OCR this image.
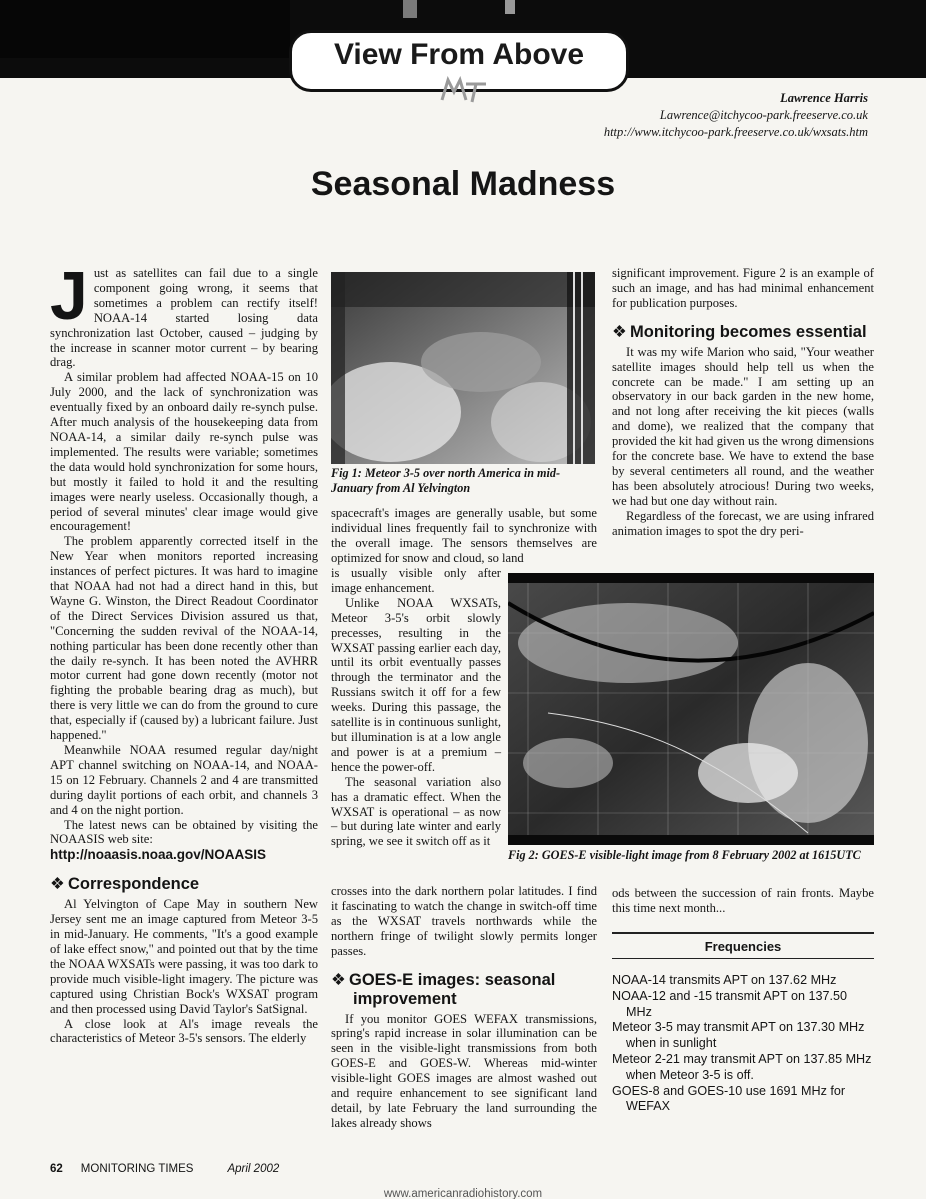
View From Above
Lawrence Harris
Lawrence@itchycoo-park.freeserve.co.uk
http://www.itchycoo-park.freeserve.co.uk/wxsats.htm
Seasonal Madness

Just as satellites can fail due to a single component going wrong, it seems that sometimes a problem can rectify itself! NOAA-14 started losing data synchronization last October, caused – judging by the increase in scanner motor current – by bearing drag.

A similar problem had affected NOAA-15 on 10 July 2000, and the lack of synchronization was eventually fixed by an onboard daily re-synch pulse. After much analysis of the housekeeping data from NOAA-14, a similar daily re-synch pulse was implemented. The results were variable; sometimes the data would hold synchronization for some hours, but mostly it failed to hold it and the resulting images were nearly useless. Occasionally though, a period of several minutes' clear image would give encouragement!

The problem apparently corrected itself in the New Year when monitors reported increasing instances of perfect pictures. It was hard to imagine that NOAA had not had a direct hand in this, but Wayne G. Winston, the Direct Readout Coordinator of the Direct Services Division assured us that, "Concerning the sudden revival of the NOAA-14, nothing particular has been done recently other than the daily re-synch. It has been noted the AVHRR motor current had gone down recently (motor not fighting the probable bearing drag as much), but there is very little we can do from the ground to cure that, especially if (caused by) a lubricant failure. Just happened."

Meanwhile NOAA resumed regular day/night APT channel switching on NOAA-14, and NOAA-15 on 12 February. Channels 2 and 4 are transmitted during daylit portions of each orbit, and channels 3 and 4 on the night portion.

The latest news can be obtained by visiting the NOAASIS web site:

http://noaasis.noaa.gov/NOAASIS
❖ Correspondence

Al Yelvington of Cape May in southern New Jersey sent me an image captured from Meteor 3-5 in mid-January. He comments, "It's a good example of lake effect snow," and pointed out that by the time the NOAA WXSATs were passing, it was too dark to provide much visible-light imagery. The picture was captured using Christian Bock's WXSAT program and then processed using David Taylor's SatSignal.

A close look at Al's image reveals the characteristics of Meteor 3-5's sensors. The elderly

Fig 1: Meteor 3-5 over north America in mid-January from Al Yelvington

spacecraft's images are generally usable, but some individual lines frequently fail to synchronize with the overall image. The sensors themselves are optimized for snow and cloud, so land

is usually visible only after image enhancement.

Unlike NOAA WXSATs, Meteor 3-5's orbit slowly precesses, resulting in the WXSAT passing earlier each day, until its orbit eventually passes through the terminator and the Russians switch it off for a few weeks. During this passage, the satellite is in continuous sunlight, but illumination is at a low angle and power is at a premium – hence the power-off.

The seasonal variation also has a dramatic effect. When the WXSAT is operational – as now – but during late winter and early spring, we see it switch off as it

crosses into the dark northern polar latitudes. I find it fascinating to watch the change in switch-off time as the WXSAT travels northwards while the northern fringe of twilight slowly permits longer passes.

❖ GOES-E images: seasonal
improvement

If you monitor GOES WEFAX transmissions, spring's rapid increase in solar illumination can be seen in the visible-light transmissions from both GOES-E and GOES-W. Whereas mid-winter visible-light GOES images are almost washed out and require enhancement to see significant land detail, by late February the land surrounding the lakes already shows

significant improvement. Figure 2 is an example of such an image, and has had minimal enhancement for publication purposes.

❖ Monitoring becomes essential

It was my wife Marion who said, "Your weather satellite images should help tell us when the concrete can be made." I am setting up an observatory in our back garden in the new home, and not long after receiving the kit pieces (walls and dome), we realized that the company that provided the kit had given us the wrong dimensions for the concrete base. We have to extend the base by several centimeters all round, and the weather has been absolutely atrocious! During two weeks, we had but one day without rain.

Regardless of the forecast, we are using infrared animation images to spot the dry peri-

Fig 2: GOES-E visible-light image from 8 February 2002 at 1615UTC

ods between the succession of rain fronts. Maybe this time next month...

Frequencies
NOAA-14 transmits APT on 137.62 MHz
NOAA-12 and -15 transmit APT on 137.50 MHz
Meteor 3-5 may transmit APT on 137.30 MHz when in sunlight
Meteor 2-21 may transmit APT on 137.85 MHz when Meteor 3-5 is off.
GOES-8 and GOES-10 use 1691 MHz for WEFAX
62 MONITORING TIMES	April 2002
www.americanradiohistory.com
